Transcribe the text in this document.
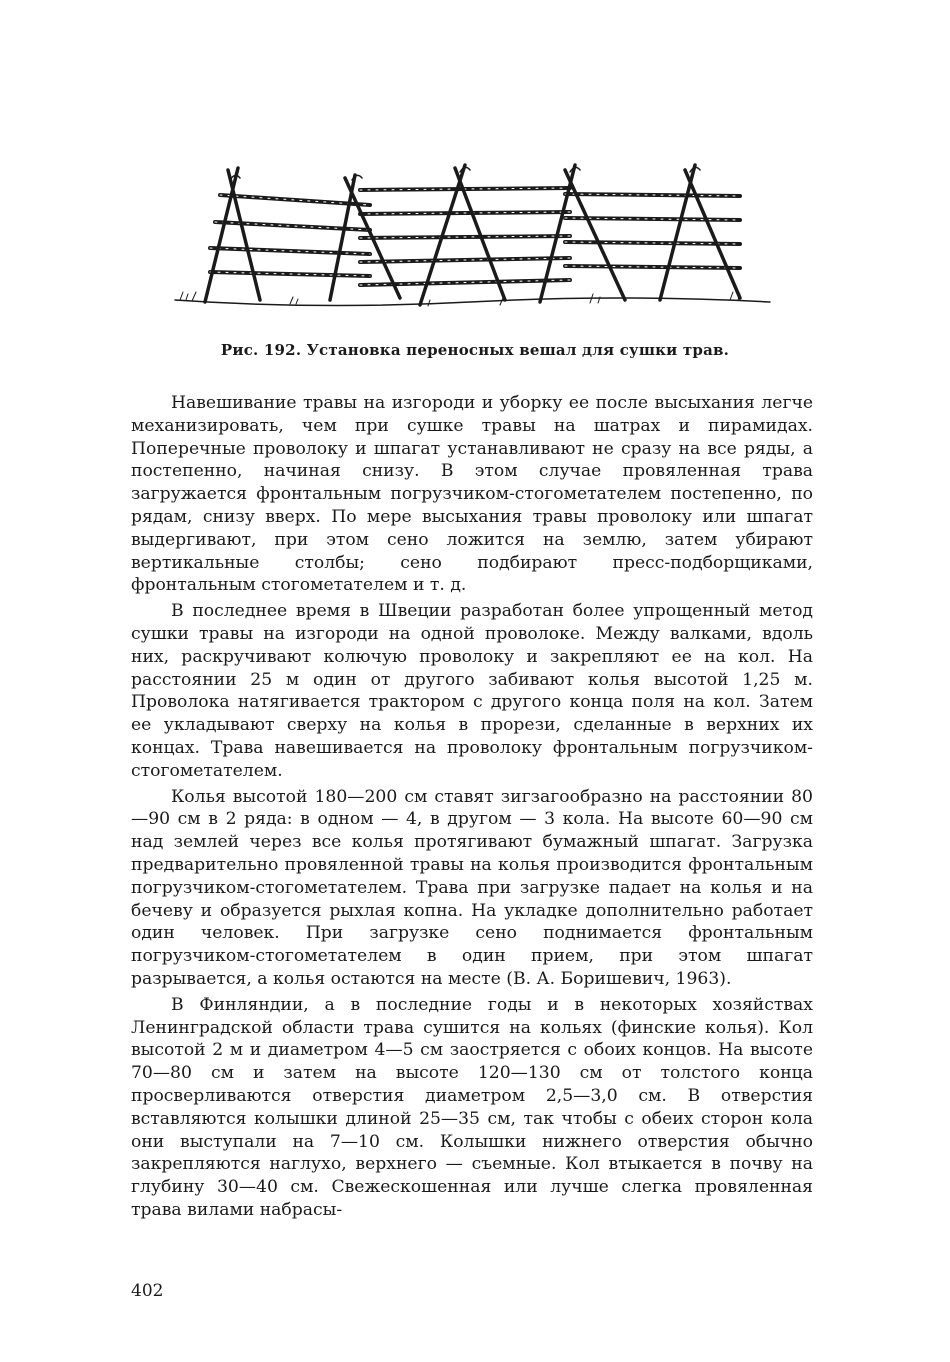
Рис. 192. Установка переносных вешал для сушки трав.

Навешивание травы на изгороди и уборку ее после высыхания легче механизировать, чем при сушке травы на шатрах и пирамидах. Поперечные проволоку и шпагат устанавливают не сразу на все ряды, а постепенно, начиная снизу. В этом случае провяленная трава загружается фронтальным погрузчиком-стогометателем постепенно, по рядам, снизу вверх. По мере высыхания травы проволоку или шпагат выдергивают, при этом сено ложится на землю, затем убирают вертикальные столбы; сено подбирают пресс-подборщиками, фронтальным стогометателем и т. д.

В последнее время в Швеции разработан более упрощенный метод сушки травы на изгороди на одной проволоке. Между валками, вдоль них, раскручивают колючую проволоку и закрепляют ее на кол. На расстоянии 25 м один от другого забивают колья высотой 1,25 м. Проволока натягивается трактором с другого конца поля на кол. Затем ее укладывают сверху на колья в прорези, сделанные в верхних их концах. Трава навешивается на проволоку фронтальным погрузчиком-стогометателем.

Колья высотой 180—200 см ставят зигзагообразно на расстоянии 80—90 см в 2 ряда: в одном — 4, в другом — 3 кола. На высоте 60—90 см над землей через все колья протягивают бумажный шпагат. Загрузка предварительно провяленной травы на колья производится фронтальным погрузчиком-стогометателем. Трава при загрузке падает на колья и на бечеву и образуется рыхлая копна. На укладке дополнительно работает один человек. При загрузке сено поднимается фронтальным погрузчиком-стогометателем в один прием, при этом шпагат разрывается, а колья остаются на месте (В. А. Боришевич, 1963).

В Финляндии, а в последние годы и в некоторых хозяйствах Ленинградской области трава сушится на кольях (финские колья). Кол высотой 2 м и диаметром 4—5 см заостряется с обоих концов. На высоте 70—80 см и затем на высоте 120—130 см от толстого конца просверливаются отверстия диаметром 2,5—3,0 см. В отверстия вставляются колышки длиной 25—35 см, так чтобы с обеих сторон кола они выступали на 7—10 см. Колышки нижнего отверстия обычно закрепляются наглухо, верхнего — съемные. Кол втыкается в почву на глубину 30—40 см. Свежескошенная или лучше слегка провяленная трава вилами набрасы-

402
